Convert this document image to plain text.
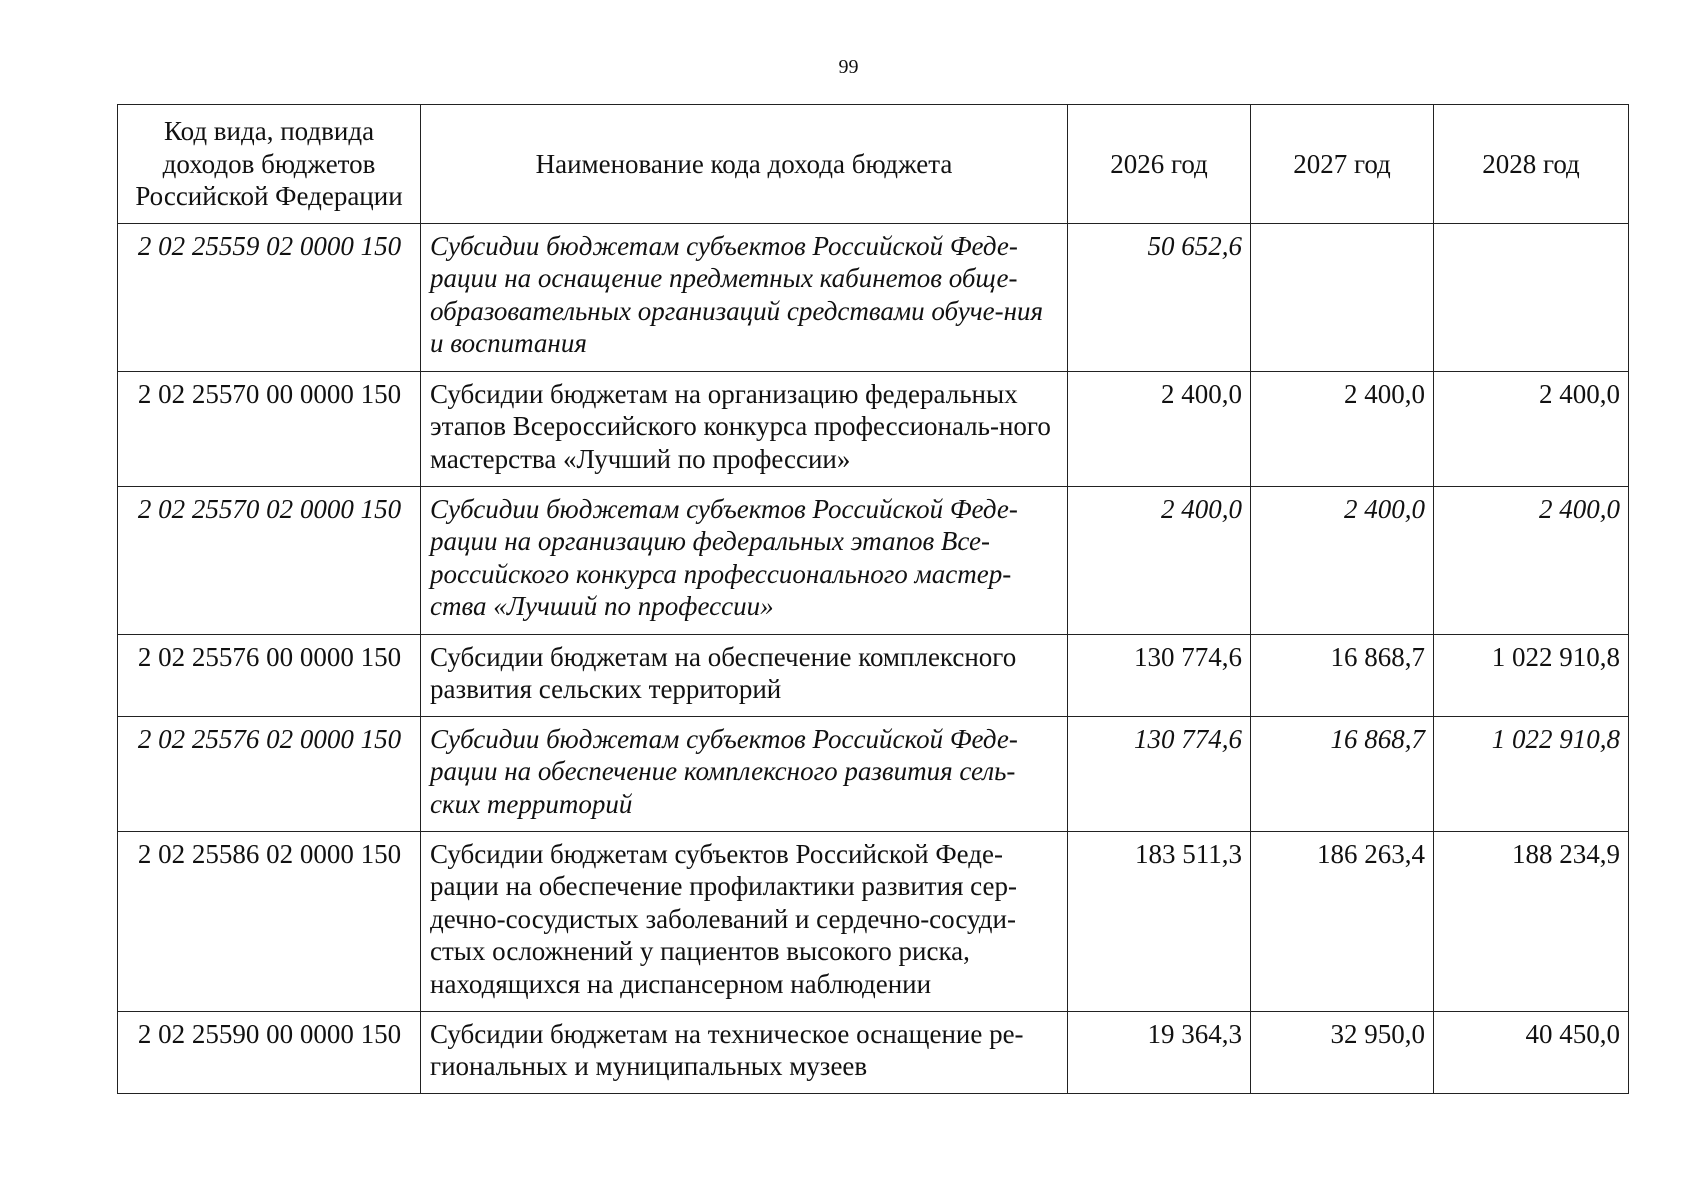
99
Код вида, подвида доходов бюджетов Российской Федерации	Наименование кода дохода бюджета	2026 год	2027 год	2028 год
2 02 25559 02 0000 150	Субсидии бюджетам субъектов Российской Феде-рации на оснащение предметных кабинетов обще-образовательных организаций средствами обуче-ния и воспитания	50 652,6		
2 02 25570 00 0000 150	Субсидии бюджетам на организацию федеральных этапов Всероссийского конкурса профессиональ-ного мастерства «Лучший по профессии»	2 400,0	2 400,0	2 400,0
2 02 25570 02 0000 150	Субсидии бюджетам субъектов Российской Феде-рации на организацию федеральных этапов Все-российского конкурса профессионального мастер-ства «Лучший по профессии»	2 400,0	2 400,0	2 400,0
2 02 25576 00 0000 150	Субсидии бюджетам на обеспечение комплексного развития сельских территорий	130 774,6	16 868,7	1 022 910,8
2 02 25576 02 0000 150	Субсидии бюджетам субъектов Российской Феде-рации на обеспечение комплексного развития сель-ских территорий	130 774,6	16 868,7	1 022 910,8
2 02 25586 02 0000 150	Субсидии бюджетам субъектов Российской Феде-рации на обеспечение профилактики развития сер-дечно-сосудистых заболеваний и сердечно-сосуди-стых осложнений у пациентов высокого риска, находящихся на диспансерном наблюдении	183 511,3	186 263,4	188 234,9
2 02 25590 00 0000 150	Субсидии бюджетам на техническое оснащение ре-гиональных и муниципальных музеев	19 364,3	32 950,0	40 450,0
